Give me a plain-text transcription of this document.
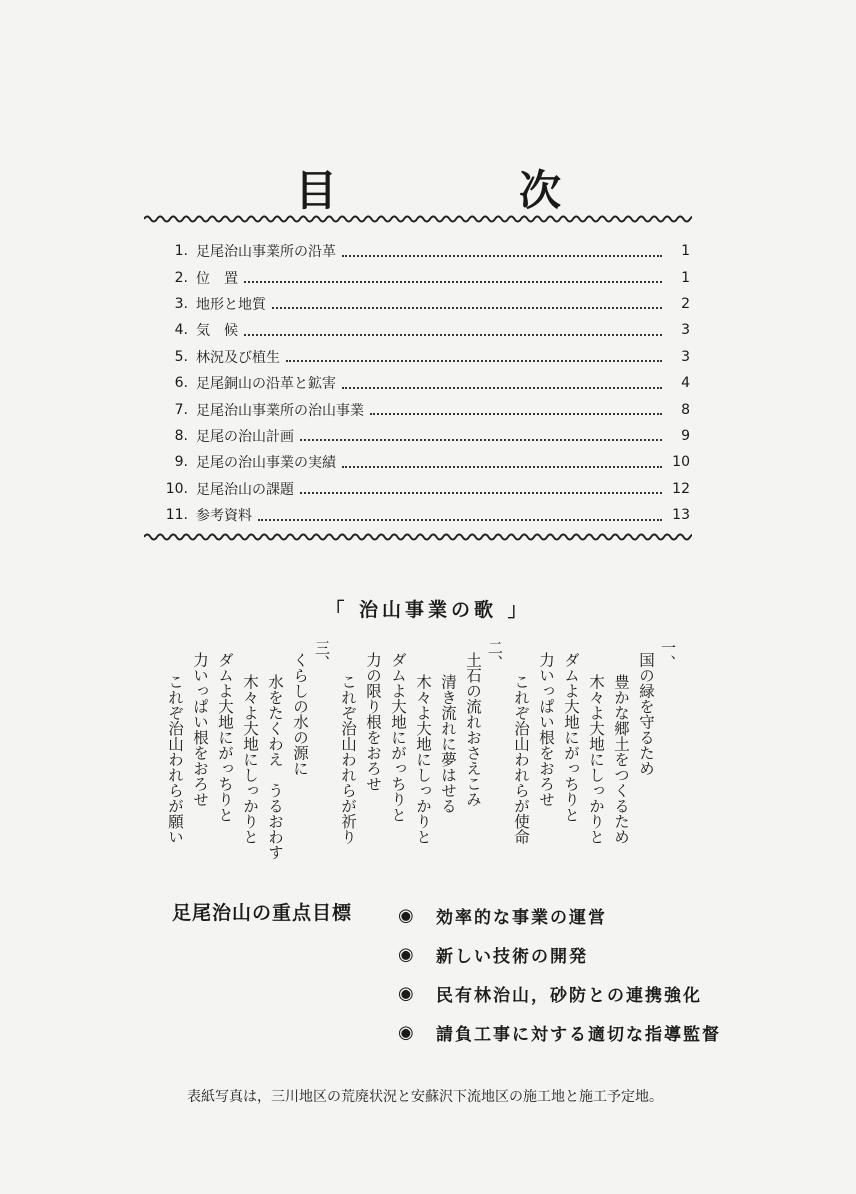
目　次
1. 足尾治山事業所の沿革	1
2. 位　置	1
3. 地形と地質	2
4. 気　候	3
5. 林況及び植生	3
6. 足尾銅山の沿革と鉱害	4
7. 足尾治山事業所の治山事業	8
8. 足尾の治山計画	9
9. 足尾の治山事業の実績	10
10. 足尾治山の課題	12
11. 参考資料	13
「 治山事業の歌 」
一、
国の緑を守るため
豊かな郷土をつくるため
木々よ大地にしっかりと
ダムよ大地にがっちりと
力いっぱい根をおろせ
これぞ治山われらが使命
二、
土石の流れおさえこみ
清き流れに夢はせる
木々よ大地にしっかりと
ダムよ大地にがっちりと
力の限り根をおろせ
これぞ治山われらが祈り
三、
くらしの水の源に
水をたくわえ　うるおわす
木々よ大地にしっかりと
ダムよ大地にがっちりと
力いっぱい根をおろせ
これぞ治山われらが願い
足尾治山の重点目標	◉	効率的な事業の運営
◉	新しい技術の開発
◉	民有林治山，砂防との連携強化
◉	請負工事に対する適切な指導監督
表紙写真は，三川地区の荒廃状況と安蘇沢下流地区の施工地と施工予定地。
